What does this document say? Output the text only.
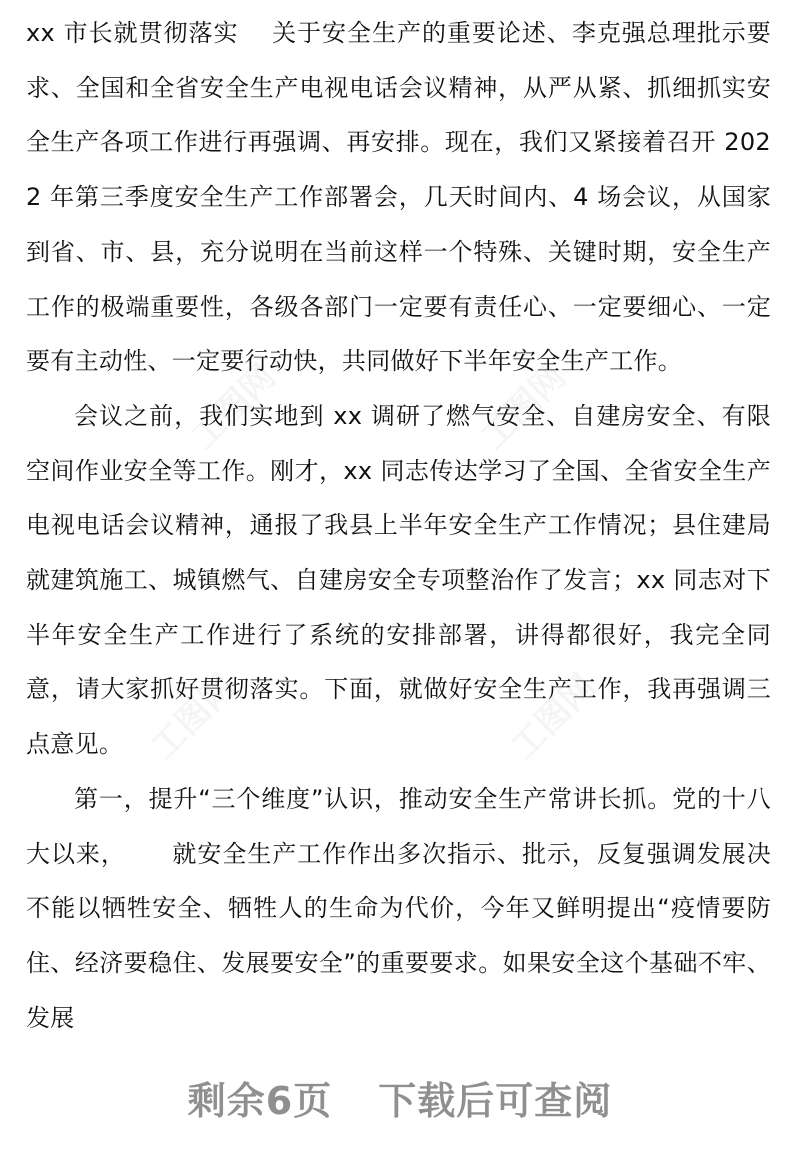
工图网	工图网
工图网	工图网

xx 市长就贯彻落实　 关于安全生产的重要论述、李克强总理批示要求、全国和全省安全生产电视电话会议精神，从严从紧、抓细抓实安全生产各项工作进行再强调、再安排。现在，我们又紧接着召开 2022 年第三季度安全生产工作部署会，几天时间内、4 场会议，从国家到省、市、县，充分说明在当前这样一个特殊、关键时期，安全生产工作的极端重要性，各级各部门一定要有责任心、一定要细心、一定要有主动性、一定要行动快，共同做好下半年安全生产工作。

会议之前，我们实地到 xx 调研了燃气安全、自建房安全、有限空间作业安全等工作。刚才，xx 同志传达学习了全国、全省安全生产电视电话会议精神，通报了我县上半年安全生产工作情况；县住建局就建筑施工、城镇燃气、自建房安全专项整治作了发言；xx 同志对下半年安全生产工作进行了系统的安排部署，讲得都很好，我完全同意，请大家抓好贯彻落实。下面，就做好安全生产工作，我再强调三点意见。

第一，提升“三个维度”认识，推动安全生产常讲长抓。党的十八大以来，　　 就安全生产工作作出多次指示、批示，反复强调发展决不能以牺牲安全、牺牲人的生命为代价，今年又鲜明提出“疫情要防住、经济要稳住、发展要安全”的重要要求。如果安全这个基础不牢、发展

剩余6页 下载后可查阅
